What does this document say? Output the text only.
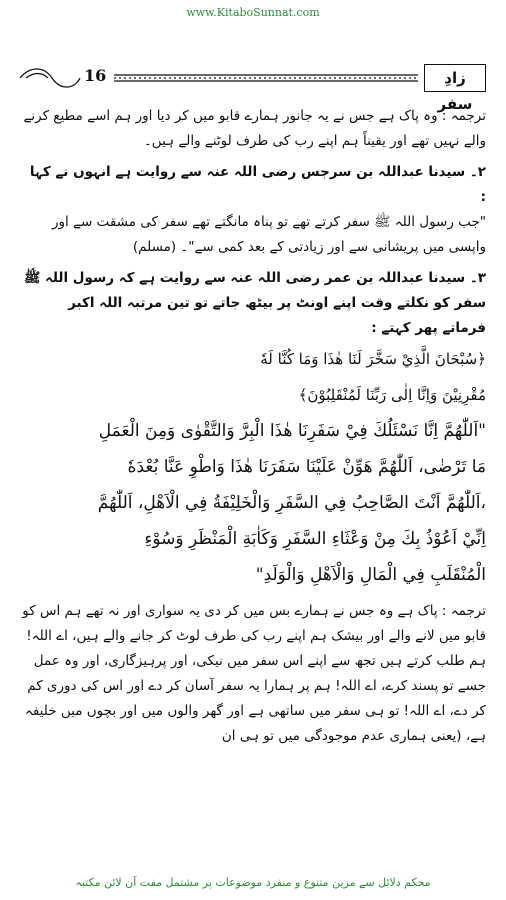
www.KitaboSunnat.com
16	زادِ سفر

ترجمہ : وہ پاک ہے جس نے یہ جانور ہمارے قابو میں کر دیا اور ہم اسے مطیع کرنے والے نہیں تھے اور یقیناً ہم اپنے رب کی طرف لوٹنے والے ہیں۔

۲۔ سیدنا عبداللہ بن سرجس رضی اللہ عنہ سے روایت ہے انہوں نے کہا :

"جب رسول اللہ ﷺ سفر کرتے تھے تو پناہ مانگتے تھے سفر کی مشقت سے اور واپسی میں پریشانی سے اور زیادتی کے بعد کمی سے"۔ (مسلم)

۳۔ سیدنا عبداللہ بن عمر رضی اللہ عنہ سے روایت ہے کہ رسول اللہ ﷺ سفر کو نکلتے وقت اپنے اونٹ پر بیٹھ جاتے تو تین مرتبہ اللہ اکبر فرماتے پھر کہتے :

﴿سُبْحَانَ الَّذِيْ سَخَّرَ لَنَا هٰذَا وَمَا كُنَّا لَهٗ

مُقْرِنِيْنَ وَاِنَّا اِلٰى رَبِّنَا لَمُنْقَلِبُوْنَ﴾

"اَللّٰهُمَّ اِنَّا نَسْئَلُكَ فِيْ سَفَرِنَا هٰذَا الْبِرَّ وَالتَّقْوٰى وَمِنَ الْعَمَلِ

مَا تَرْضٰى، اَللّٰهُمَّ هَوِّنْ عَلَيْنَا سَفَرَنَا هٰذَا وَاطْوِ عَنَّا بُعْدَهٗ

،اَللّٰهُمَّ اَنْتَ الصَّاحِبُ فِي السَّفَرِ وَالْخَلِيْفَةُ فِي الْاَهْلِ، اَللّٰهُمَّ

اِنِّيْ اَعُوْذُ بِكَ مِنْ وَعْثَاءِ السَّفَرِ وَكَاٰبَةِ الْمَنْظَرِ وَسُوْءِ

الْمُنْقَلَبِ فِي الْمَالِ وَالْاَهْلِ وَالْوَلَدِ"

ترجمہ : پاک ہے وہ جس نے ہمارے بس میں کر دی یہ سواری اور نہ تھے ہم اس کو قابو میں لانے والے اور بیشک ہم اپنے رب کی طرف لوٹ کر جانے والے ہیں، اے اللہ! ہم طلب کرتے ہیں تجھ سے اپنے اس سفر میں نیکی، اور پرہیزگاری، اور وہ عمل جسے تو پسند کرے، اے اللہ! ہم پر ہمارا یہ سفر آسان کر دے اور اس کی دوری کم کر دے، اے اللہ! تو ہی سفر میں ساتھی ہے اور گھر والوں میں اور بچوں میں خلیفہ ہے، (یعنی ہماری عدم موجودگی میں تو ہی ان

محکم دلائل سے مزین متنوع و منفرد موضوعات پر مشتمل مفت آن لائن مکتبہ
